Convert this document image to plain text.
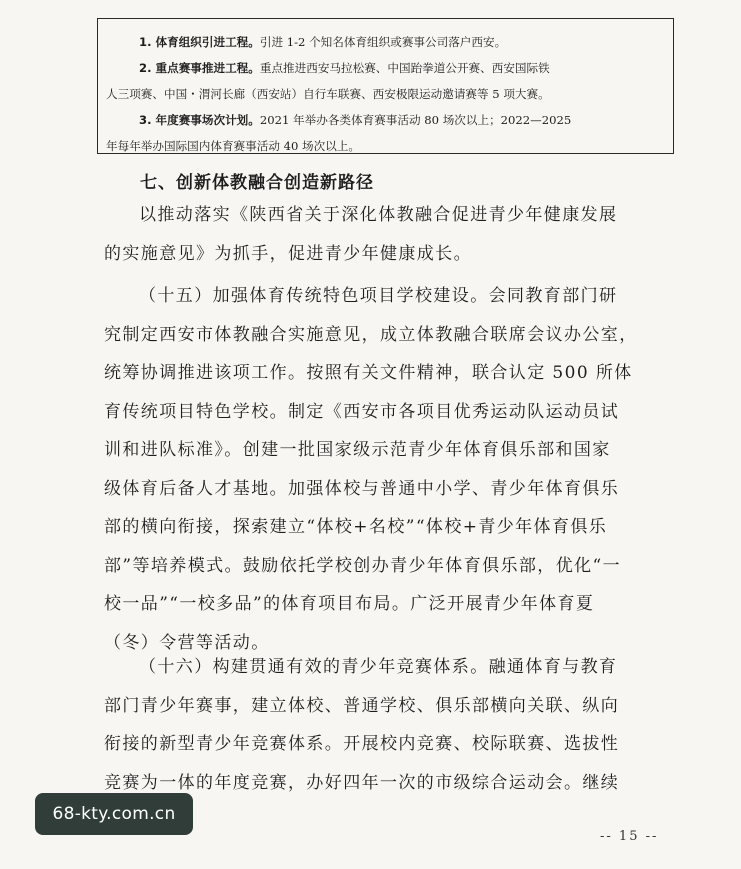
1. 体育组织引进工程。引进 1-2 个知名体育组织或赛事公司落户西安。
2. 重点赛事推进工程。重点推进西安马拉松赛、中国跆拳道公开赛、西安国际铁
人三项赛、中国・渭河长廊（西安站）自行车联赛、西安极限运动邀请赛等 5 项大赛。
3. 年度赛事场次计划。2021 年举办各类体育赛事活动 80 场次以上；2022—2025
年每年举办国际国内体育赛事活动 40 场次以上。
七、创新体教融合创造新路径
以推动落实《陕西省关于深化体教融合促进青少年健康发展
的实施意见》为抓手，促进青少年健康成长。
（十五）加强体育传统特色项目学校建设。会同教育部门研
究制定西安市体教融合实施意见，成立体教融合联席会议办公室，
统筹协调推进该项工作。按照有关文件精神，联合认定 500 所体
育传统项目特色学校。制定《西安市各项目优秀运动队运动员试
训和进队标准》。创建一批国家级示范青少年体育俱乐部和国家
级体育后备人才基地。加强体校与普通中小学、青少年体育俱乐
部的横向衔接，探索建立“体校+名校”“体校+青少年体育俱乐
部”等培养模式。鼓励依托学校创办青少年体育俱乐部，优化“一
校一品”“一校多品”的体育项目布局。广泛开展青少年体育夏
（冬）令营等活动。
（十六）构建贯通有效的青少年竞赛体系。融通体育与教育
部门青少年赛事，建立体校、普通学校、俱乐部横向关联、纵向
衔接的新型青少年竞赛体系。开展校内竞赛、校际联赛、选拔性
竞赛为一体的年度竞赛，办好四年一次的市级综合运动会。继续
68-kty.com.cn
-- 15 --
